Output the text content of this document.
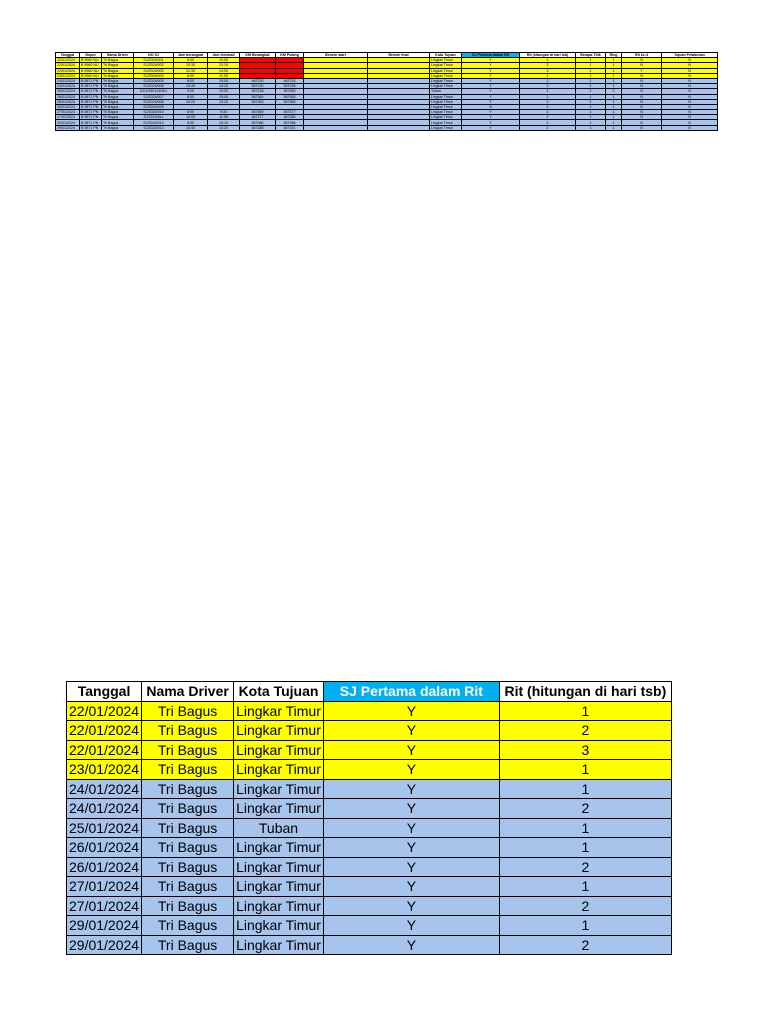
Tanggal	Nopol	Nama Driver	NO SJ	Jam berangkat	Jam Kembali	KM Berangkat	KM Pulang	Bensin start	Bensin final	Kota Tujuan	SJ Pertama dalam Rit	Rit (hitungan di hari tsb)	Berapa Titik	Ring	Rit ke-3	Tujuan Pelabuhan
22/01/2024	B 9960 NU	Tri Bagus	SJ/2024/001	8:00	10:00					Lingkar Timur	Y	1	1	1	N	N
22/01/2024	B 9960 NU	Tri Bagus	SJ/2024/002	10:30	12:10					Lingkar Timur	Y	2	1	1	N	N
22/01/2024	B 9960 NU	Tri Bagus	SJ/2024/003	12:30	14:00					Lingkar Timur	Y	3	1	1	Y	N
23/01/2024	B 9960 NU	Tri Bagus	SJ/2024/004	8:00	11:00					Lingkar Timur	Y	1	1	1	N	N
24/01/2024	B 9871 PN	Tri Bagus	SJ/2024/005	8:00	10:00	367230	367233			Lingkar Timur	Y	1	1	1	N	N
24/01/2024	B 9871 PN	Tri Bagus	SJ/2024/006	10:40	14:10	367233	367236			Lingkar Timur	Y	2	1	1	N	N
25/01/2024	B 9871 PN	Tri Bagus	SJ/1/250124/001	9:00	10:20	367236	367360			Tuban	Y	1	1	2	N	N
26/01/2024	B 9871 PN	Tri Bagus	SJ/2024/007	8:00	10:00	367360	367363			Lingkar Timur	Y	1	1	1	N	N
26/01/2024	B 9871 PN	Tri Bagus	SJ/2024/008	10:20	13:10	367363	367366			Lingkar Timur	Y	2	1	1	N	N
26/01/2024	B 9871 PN	Tri Bagus	SJ/2024/009							Lingkar Timur	N	2	1	1	N	N
27/01/2024	B 9871 PN	Tri Bagus	SJ/2024/010	8:00	9:30	367369	367377			Lingkar Timur	Y	1	1	1	N	N
27/01/2024	B 9871 PN	Tri Bagus	SJ/2024/011	10:00	11:55	367377	367380			Lingkar Timur	Y	2	1	1	N	N
29/01/2024	B 9871 PN	Tri Bagus	SJ/2024/012	8:00	10:10	367380	367388			Lingkar Timur	Y	1	1	1	N	N
29/01/2024	B 9871 PN	Tri Bagus	SJ/2024/013	10:40	13:20	367388	367391			Lingkar Timur	Y	2	1	1	N	N
Tanggal	Nama Driver	Kota Tujuan	SJ Pertama dalam Rit	Rit (hitungan di hari tsb)
22/01/2024	Tri Bagus	Lingkar Timur	Y	1
22/01/2024	Tri Bagus	Lingkar Timur	Y	2
22/01/2024	Tri Bagus	Lingkar Timur	Y	3
23/01/2024	Tri Bagus	Lingkar Timur	Y	1
24/01/2024	Tri Bagus	Lingkar Timur	Y	1
24/01/2024	Tri Bagus	Lingkar Timur	Y	2
25/01/2024	Tri Bagus	Tuban	Y	1
26/01/2024	Tri Bagus	Lingkar Timur	Y	1
26/01/2024	Tri Bagus	Lingkar Timur	Y	2
27/01/2024	Tri Bagus	Lingkar Timur	Y	1
27/01/2024	Tri Bagus	Lingkar Timur	Y	2
29/01/2024	Tri Bagus	Lingkar Timur	Y	1
29/01/2024	Tri Bagus	Lingkar Timur	Y	2
